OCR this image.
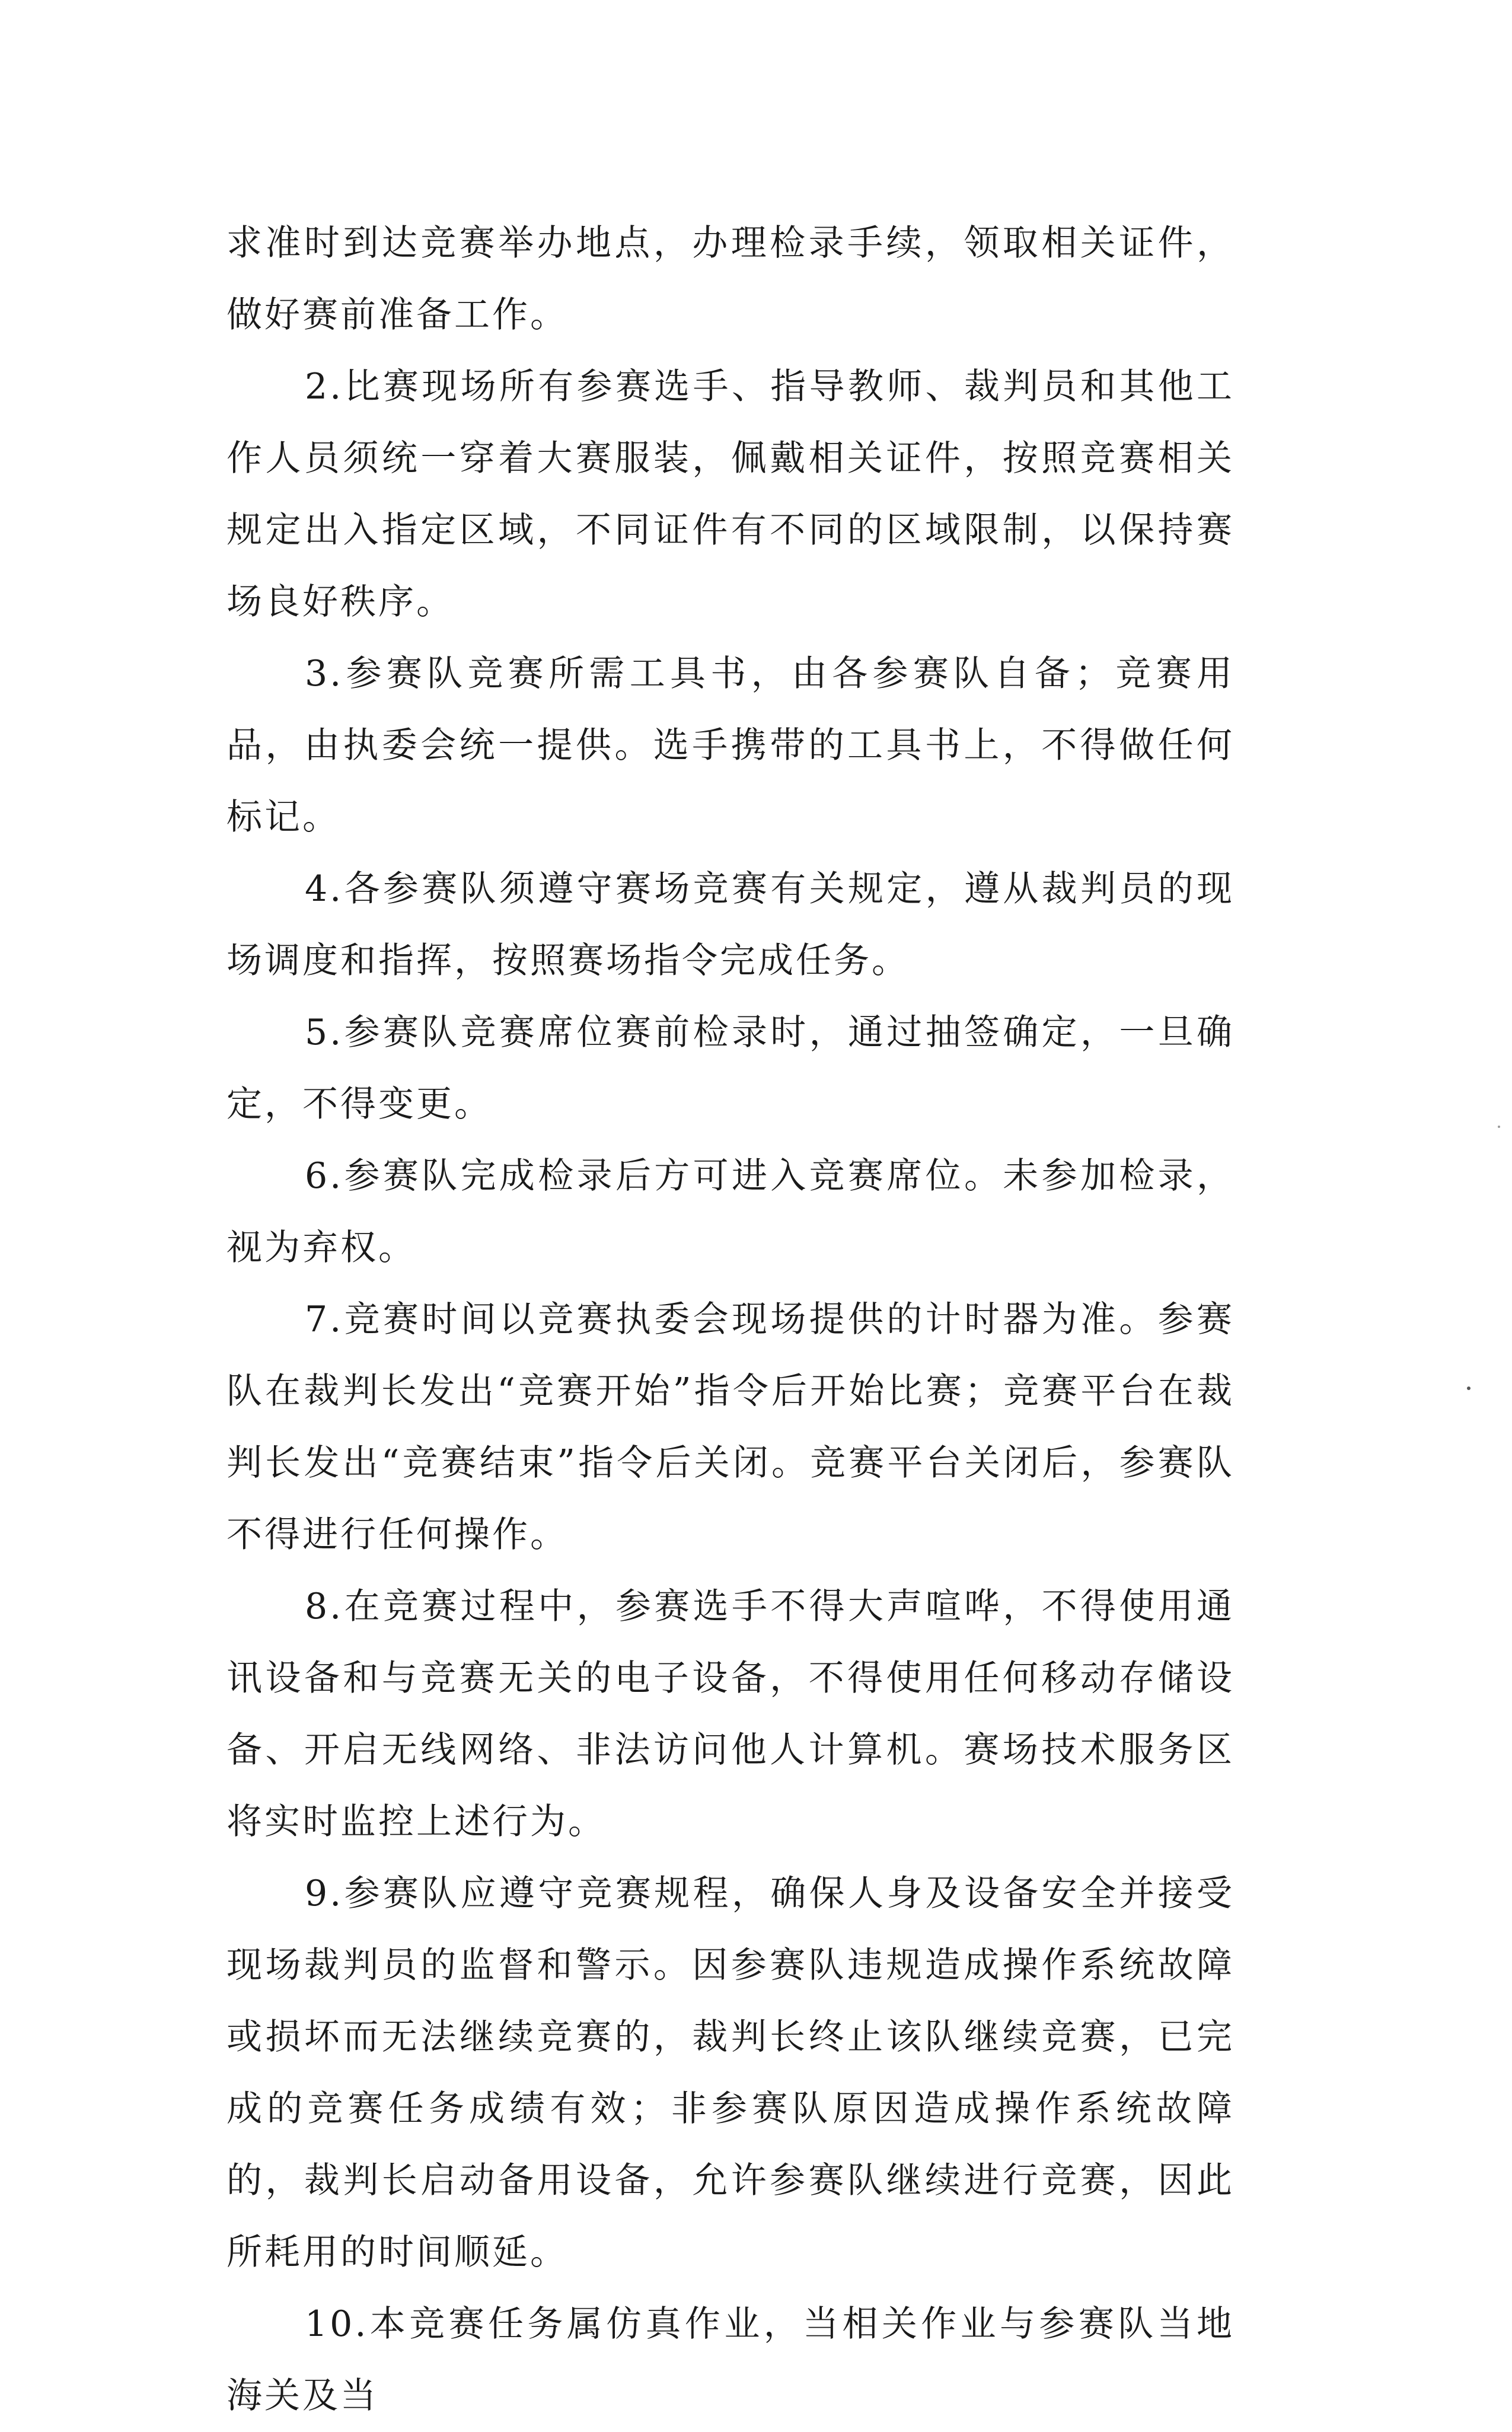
求准时到达竞赛举办地点，办理检录手续，领取相关证件，做好赛前准备工作。

2.比赛现场所有参赛选手、指导教师、裁判员和其他工作人员须统一穿着大赛服装，佩戴相关证件，按照竞赛相关规定出入指定区域，不同证件有不同的区域限制，以保持赛场良好秩序。

3.参赛队竞赛所需工具书，由各参赛队自备；竞赛用品，由执委会统一提供。选手携带的工具书上，不得做任何标记。

4.各参赛队须遵守赛场竞赛有关规定，遵从裁判员的现场调度和指挥，按照赛场指令完成任务。

5.参赛队竞赛席位赛前检录时，通过抽签确定，一旦确定，不得变更。

6.参赛队完成检录后方可进入竞赛席位。未参加检录，视为弃权。

7.竞赛时间以竞赛执委会现场提供的计时器为准。参赛队在裁判长发出“竞赛开始”指令后开始比赛；竞赛平台在裁判长发出“竞赛结束”指令后关闭。竞赛平台关闭后，参赛队不得进行任何操作。

8.在竞赛过程中，参赛选手不得大声喧哗，不得使用通讯设备和与竞赛无关的电子设备，不得使用任何移动存储设备、开启无线网络、非法访问他人计算机。赛场技术服务区将实时监控上述行为。

9.参赛队应遵守竞赛规程，确保人身及设备安全并接受现场裁判员的监督和警示。因参赛队违规造成操作系统故障或损坏而无法继续竞赛的，裁判长终止该队继续竞赛，已完成的竞赛任务成绩有效；非参赛队原因造成操作系统故障的，裁判长启动备用设备，允许参赛队继续进行竞赛，因此所耗用的时间顺延。

10.本竞赛任务属仿真作业，当相关作业与参赛队当地海关及当
